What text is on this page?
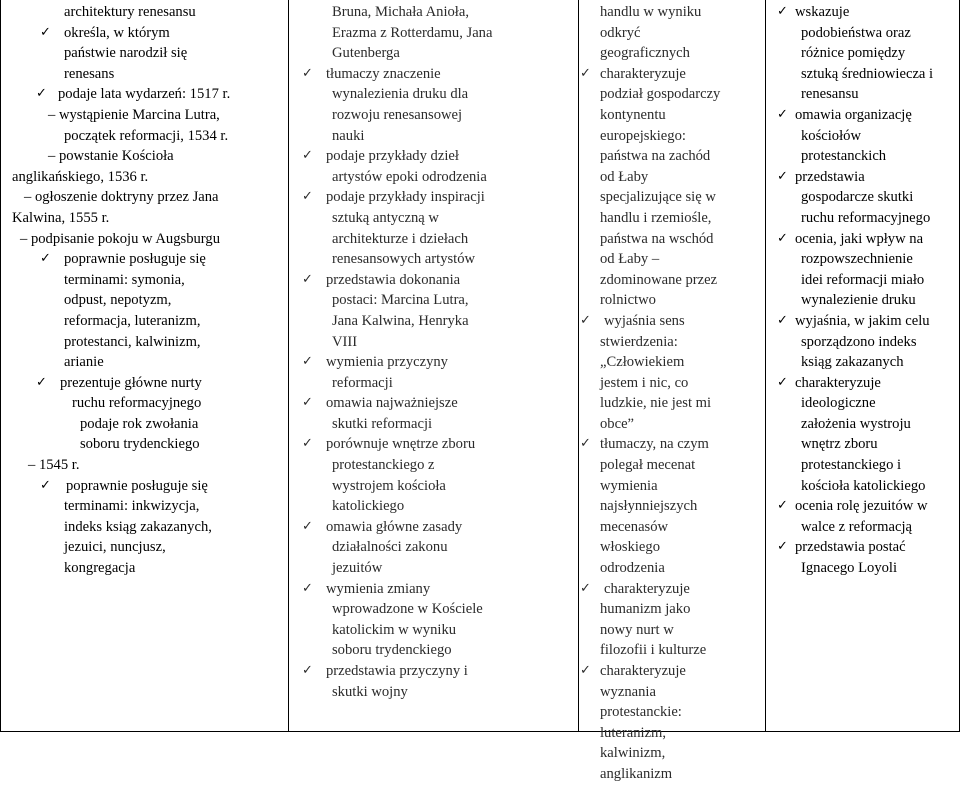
architektury renesansu
✓
określa, w którym
państwie narodził się
renesans
✓
podaje lata wydarzeń: 1517 r.
– wystąpienie Marcina Lutra,
początek reformacji, 1534 r.
– powstanie Kościoła
anglikańskiego, 1536 r.
– ogłoszenie doktryny przez Jana
Kalwina, 1555 r.
– podpisanie pokoju w Augsburgu
✓
poprawnie posługuje się
terminami: symonia,
odpust, nepotyzm,
reformacja, luteranizm,
protestanci, kalwinizm,
arianie
✓
prezentuje główne nurty
ruchu reformacyjnego
podaje rok zwołania
soboru trydenckiego
– 1545 r.
✓
poprawnie posługuje się
terminami: inkwizycja,
indeks ksiąg zakazanych,
jezuici, nuncjusz,
kongregacja
Bruna, Michała Anioła,
Erazma z Rotterdamu, Jana
Gutenberga
✓
tłumaczy znaczenie
wynalezienia druku dla
rozwoju renesansowej
nauki
✓
podaje przykłady dzieł
artystów epoki odrodzenia
✓
podaje przykłady inspiracji
sztuką antyczną w
architekturze i dziełach
renesansowych artystów
✓
przedstawia dokonania
postaci: Marcina Lutra,
Jana Kalwina, Henryka
VIII
✓
wymienia przyczyny
reformacji
✓
omawia najważniejsze
skutki reformacji
✓
porównuje wnętrze zboru
protestanckiego z
wystrojem kościoła
katolickiego
✓
omawia główne zasady
działalności zakonu
jezuitów
✓
wymienia zmiany
wprowadzone w Kościele
katolickim w wyniku
soboru trydenckiego
✓
przedstawia przyczyny i
skutki wojny
handlu w wyniku
odkryć
geograficznych
✓
charakteryzuje
podział gospodarczy
kontynentu
europejskiego:
państwa na zachód
od Łaby
specjalizujące się w
handlu i rzemiośle,
państwa na wschód
od Łaby –
zdominowane przez
rolnictwo
✓
wyjaśnia sens
stwierdzenia:
„Człowiekiem
jestem i nic, co
ludzkie, nie jest mi
obce”
✓
tłumaczy, na czym
polegał mecenat
wymienia
najsłynniejszych
mecenasów
włoskiego
odrodzenia
✓
charakteryzuje
humanizm jako
nowy nurt w
filozofii i kulturze
✓
charakteryzuje
wyznania
protestanckie:
luteranizm,
kalwinizm,
anglikanizm
✓
wskazuje
podobieństwa oraz
różnice pomiędzy
sztuką średniowiecza i
renesansu
✓
omawia organizację
kościołów
protestanckich
✓
przedstawia
gospodarcze skutki
ruchu reformacyjnego
✓
ocenia, jaki wpływ na
rozpowszechnienie
idei reformacji miało
wynalezienie druku
✓
wyjaśnia, w jakim celu
sporządzono indeks
ksiąg zakazanych
✓
charakteryzuje
ideologiczne
założenia wystroju
wnętrz zboru
protestanckiego i
kościoła katolickiego
✓
ocenia rolę jezuitów w
walce z reformacją
✓
przedstawia postać
Ignacego Loyoli
